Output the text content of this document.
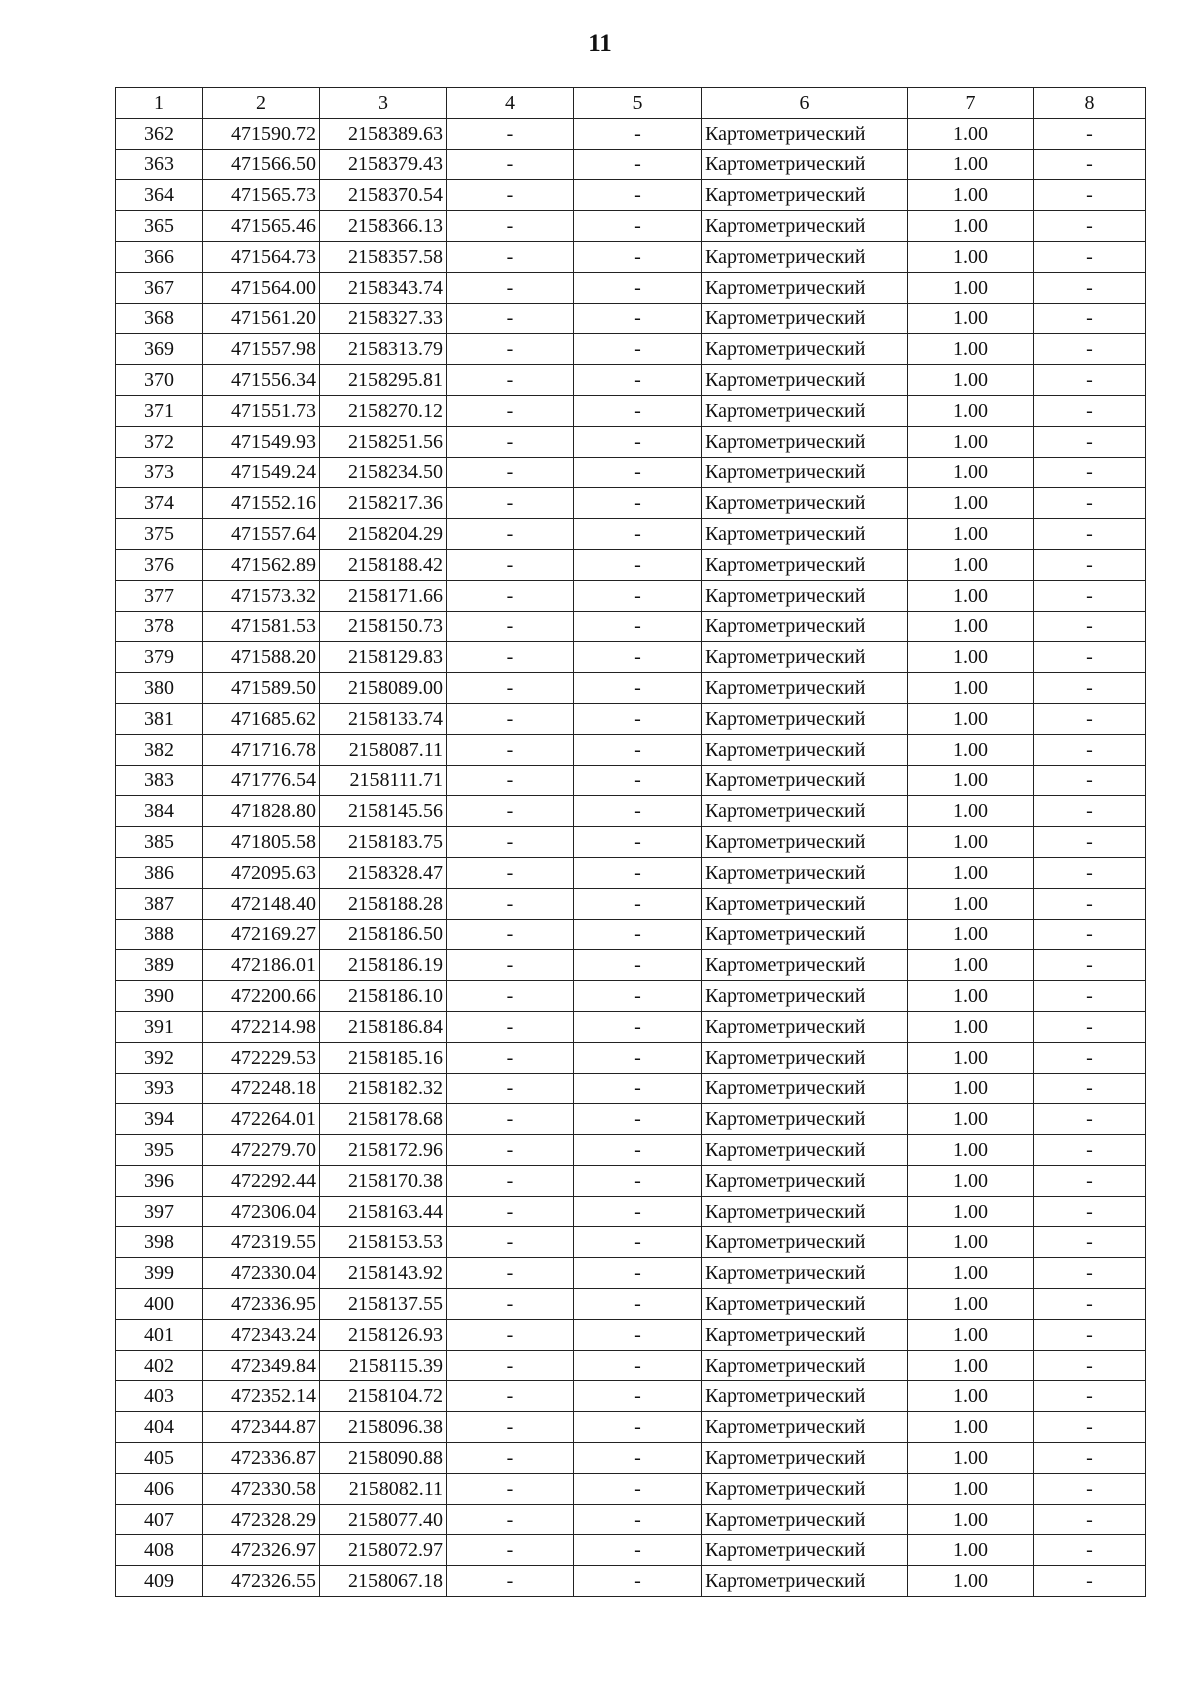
11
1	2	3	4	5	6	7	8
362	471590.72	2158389.63	-	-	Картометрический	1.00	-
363	471566.50	2158379.43	-	-	Картометрический	1.00	-
364	471565.73	2158370.54	-	-	Картометрический	1.00	-
365	471565.46	2158366.13	-	-	Картометрический	1.00	-
366	471564.73	2158357.58	-	-	Картометрический	1.00	-
367	471564.00	2158343.74	-	-	Картометрический	1.00	-
368	471561.20	2158327.33	-	-	Картометрический	1.00	-
369	471557.98	2158313.79	-	-	Картометрический	1.00	-
370	471556.34	2158295.81	-	-	Картометрический	1.00	-
371	471551.73	2158270.12	-	-	Картометрический	1.00	-
372	471549.93	2158251.56	-	-	Картометрический	1.00	-
373	471549.24	2158234.50	-	-	Картометрический	1.00	-
374	471552.16	2158217.36	-	-	Картометрический	1.00	-
375	471557.64	2158204.29	-	-	Картометрический	1.00	-
376	471562.89	2158188.42	-	-	Картометрический	1.00	-
377	471573.32	2158171.66	-	-	Картометрический	1.00	-
378	471581.53	2158150.73	-	-	Картометрический	1.00	-
379	471588.20	2158129.83	-	-	Картометрический	1.00	-
380	471589.50	2158089.00	-	-	Картометрический	1.00	-
381	471685.62	2158133.74	-	-	Картометрический	1.00	-
382	471716.78	2158087.11	-	-	Картометрический	1.00	-
383	471776.54	2158111.71	-	-	Картометрический	1.00	-
384	471828.80	2158145.56	-	-	Картометрический	1.00	-
385	471805.58	2158183.75	-	-	Картометрический	1.00	-
386	472095.63	2158328.47	-	-	Картометрический	1.00	-
387	472148.40	2158188.28	-	-	Картометрический	1.00	-
388	472169.27	2158186.50	-	-	Картометрический	1.00	-
389	472186.01	2158186.19	-	-	Картометрический	1.00	-
390	472200.66	2158186.10	-	-	Картометрический	1.00	-
391	472214.98	2158186.84	-	-	Картометрический	1.00	-
392	472229.53	2158185.16	-	-	Картометрический	1.00	-
393	472248.18	2158182.32	-	-	Картометрический	1.00	-
394	472264.01	2158178.68	-	-	Картометрический	1.00	-
395	472279.70	2158172.96	-	-	Картометрический	1.00	-
396	472292.44	2158170.38	-	-	Картометрический	1.00	-
397	472306.04	2158163.44	-	-	Картометрический	1.00	-
398	472319.55	2158153.53	-	-	Картометрический	1.00	-
399	472330.04	2158143.92	-	-	Картометрический	1.00	-
400	472336.95	2158137.55	-	-	Картометрический	1.00	-
401	472343.24	2158126.93	-	-	Картометрический	1.00	-
402	472349.84	2158115.39	-	-	Картометрический	1.00	-
403	472352.14	2158104.72	-	-	Картометрический	1.00	-
404	472344.87	2158096.38	-	-	Картометрический	1.00	-
405	472336.87	2158090.88	-	-	Картометрический	1.00	-
406	472330.58	2158082.11	-	-	Картометрический	1.00	-
407	472328.29	2158077.40	-	-	Картометрический	1.00	-
408	472326.97	2158072.97	-	-	Картометрический	1.00	-
409	472326.55	2158067.18	-	-	Картометрический	1.00	-
